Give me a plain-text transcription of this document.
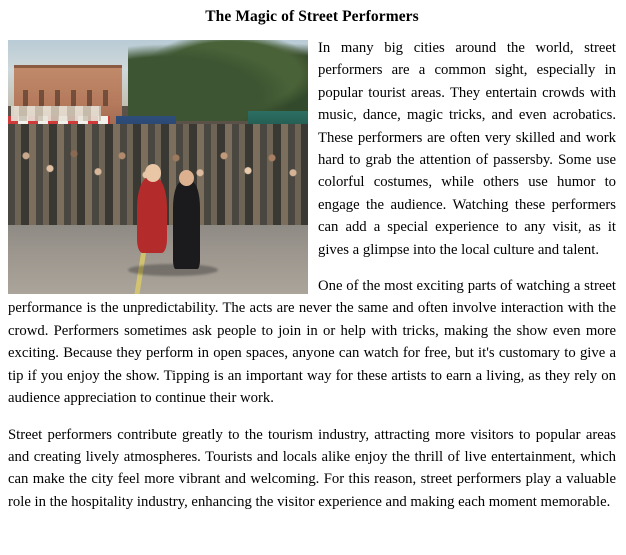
The Magic of Street Performers

In many big cities around the world, street performers are a common sight, especially in popular tourist areas. They entertain crowds with music, dance, magic tricks, and even acrobatics. These performers are often very skilled and work hard to grab the attention of passersby. Some use colorful costumes, while others use humor to engage the audience. Watching these performers can add a special experience to any visit, as it gives a glimpse into the local culture and talent.

One of the most exciting parts of watching a street performance is the unpredictability. The acts are never the same and often involve interaction with the crowd. Performers sometimes ask people to join in or help with tricks, making the show even more exciting. Because they perform in open spaces, anyone can watch for free, but it's customary to give a tip if you enjoy the show. Tipping is an important way for these artists to earn a living, as they rely on audience appreciation to continue their work.

Street performers contribute greatly to the tourism industry, attracting more visitors to popular areas and creating lively atmospheres. Tourists and locals alike enjoy the thrill of live entertainment, which can make the city feel more vibrant and welcoming. For this reason, street performers play a valuable role in the hospitality industry, enhancing the visitor experience and making each moment memorable.
